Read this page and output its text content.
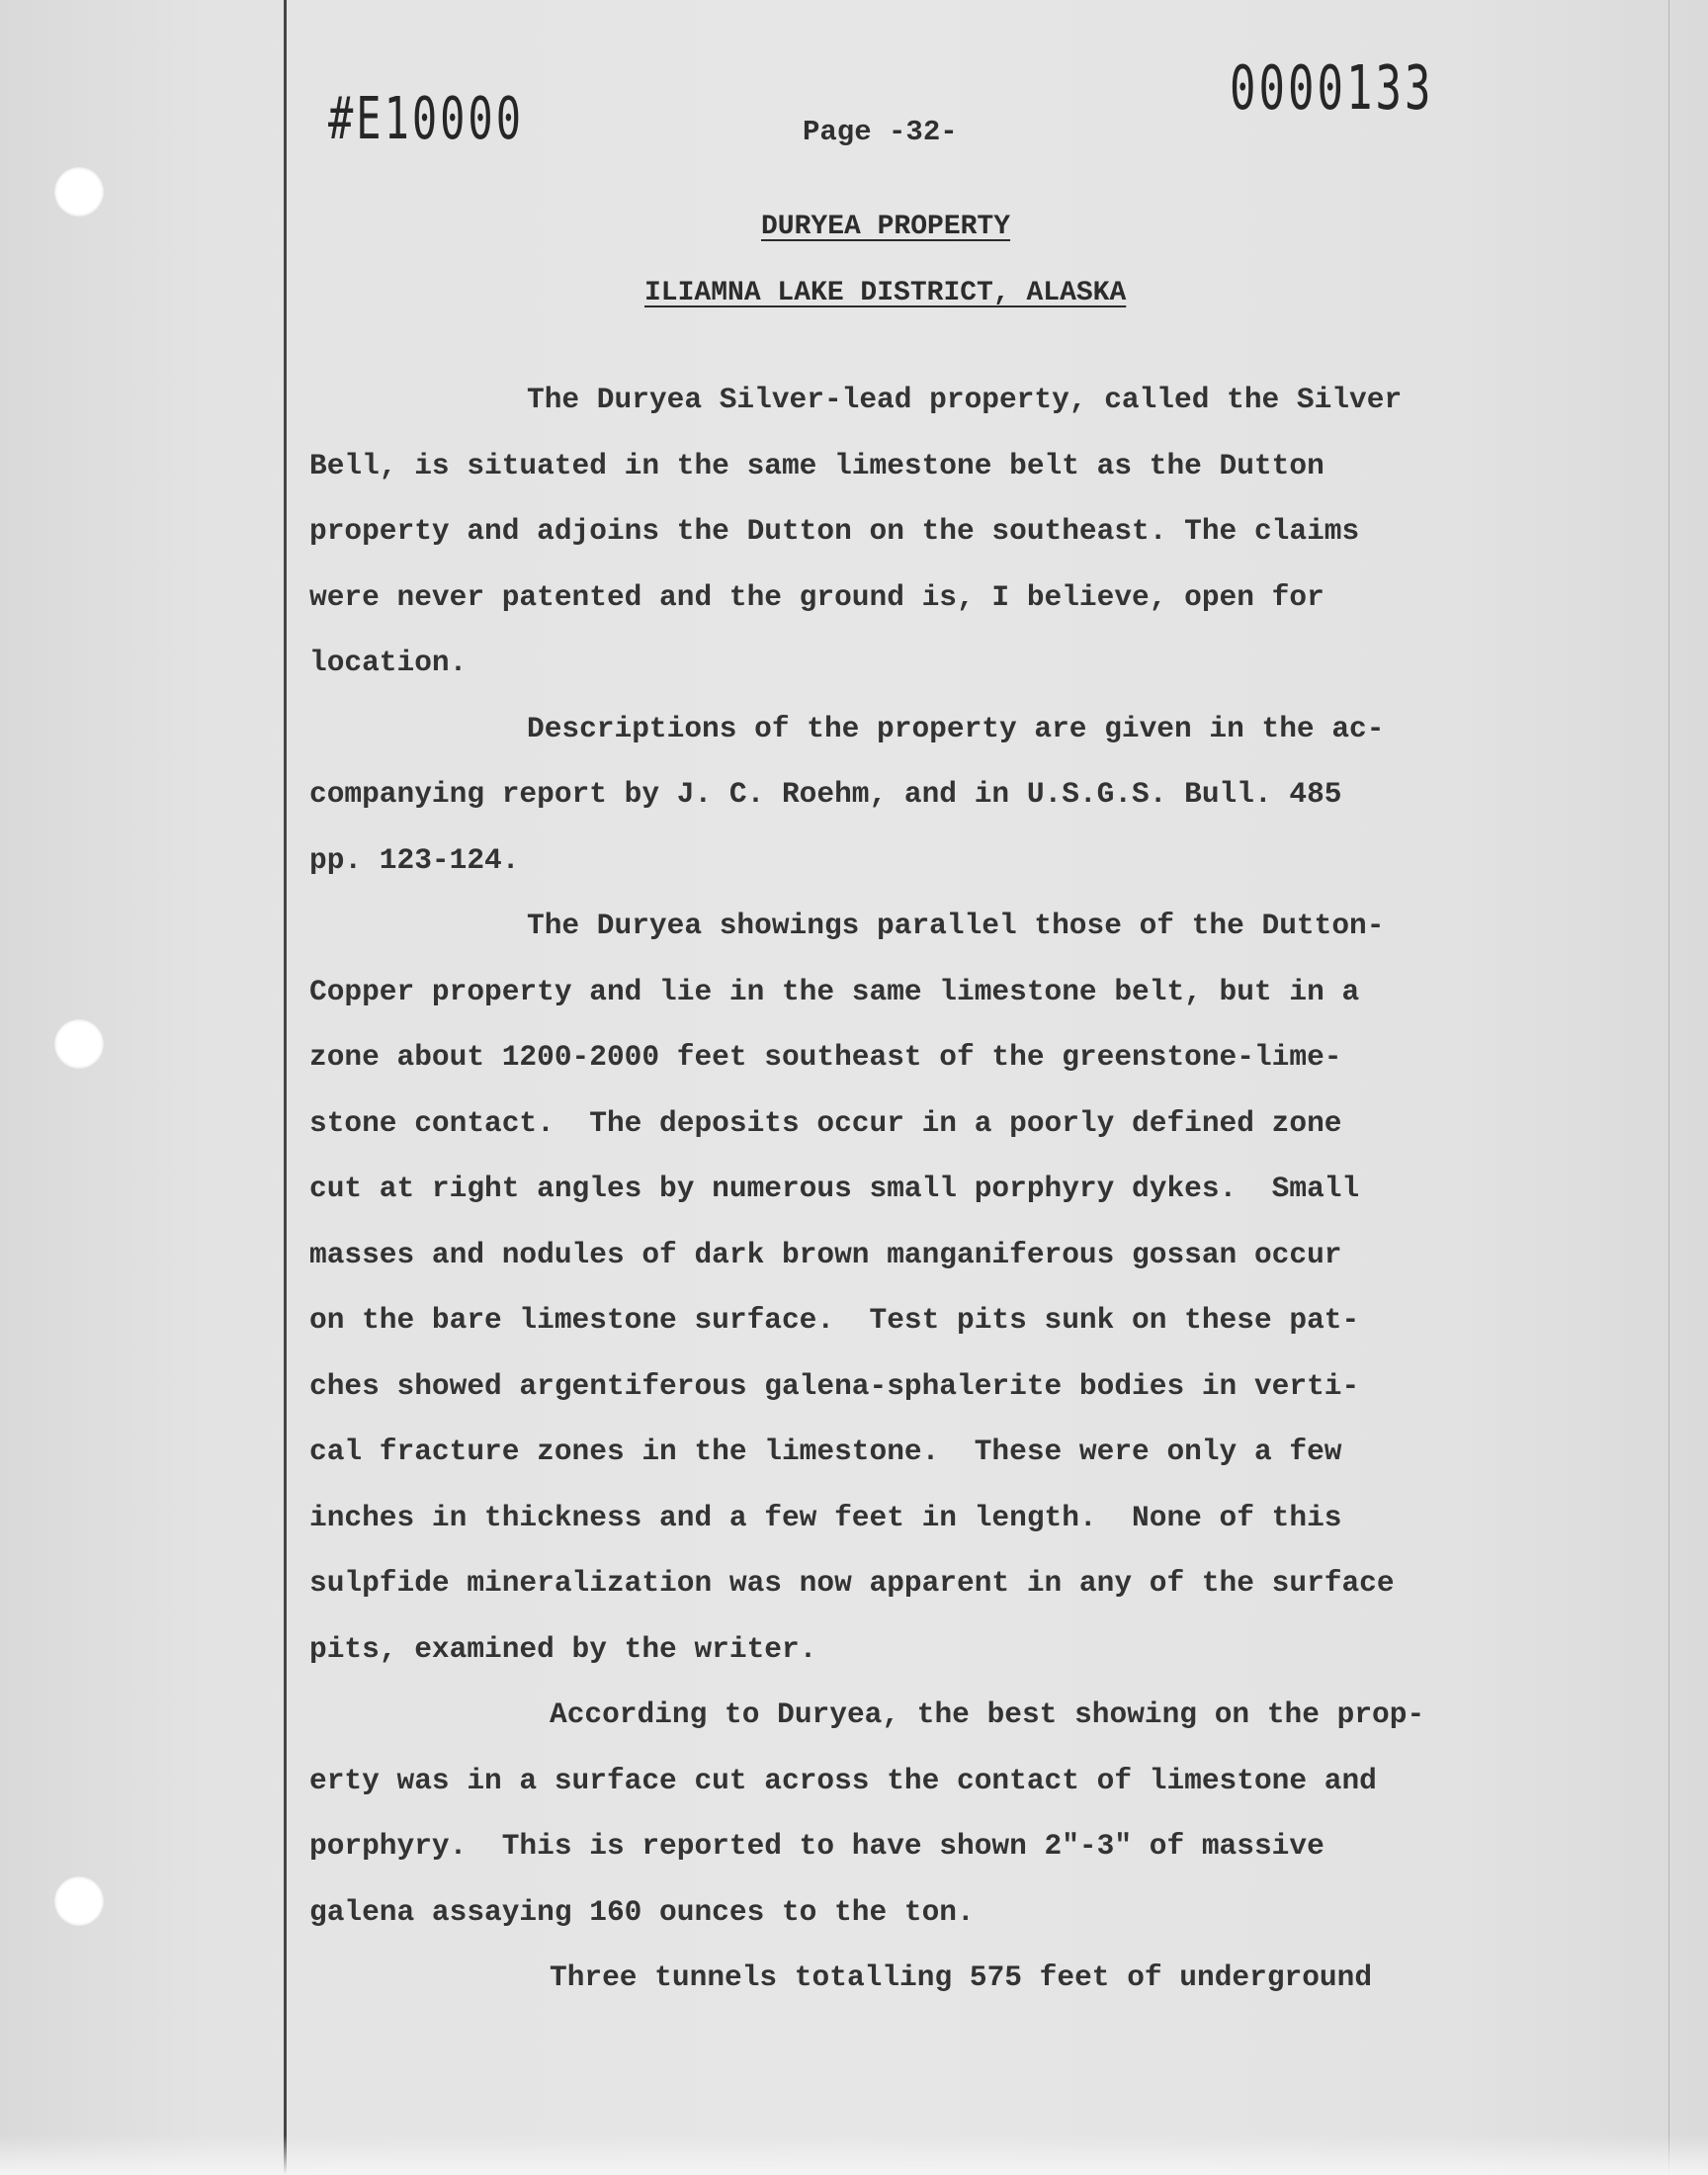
#E10000	0000133
Page -32-
DURYEA PROPERTY
ILIAMNA LAKE DISTRICT, ALASKA
The Duryea Silver-lead property, called the Silver
Bell, is situated in the same limestone belt as the Dutton
property and adjoins the Dutton on the southeast. The claims
were never patented and the ground is, I believe, open for
location.
Descriptions of the property are given in the ac-
companying report by J. C. Roehm, and in U.S.G.S. Bull. 485
pp. 123-124.
The Duryea showings parallel those of the Dutton-
Copper property and lie in the same limestone belt, but in a
zone about 1200-2000 feet southeast of the greenstone-lime-
stone contact.  The deposits occur in a poorly defined zone
cut at right angles by numerous small porphyry dykes.  Small
masses and nodules of dark brown manganiferous gossan occur
on the bare limestone surface.  Test pits sunk on these pat-
ches showed argentiferous galena-sphalerite bodies in verti-
cal fracture zones in the limestone.  These were only a few
inches in thickness and a few feet in length.  None of this
sulpfide mineralization was now apparent in any of the surface
pits, examined by the writer.
According to Duryea, the best showing on the prop-
erty was in a surface cut across the contact of limestone and
porphyry.  This is reported to have shown 2"-3" of massive
galena assaying 160 ounces to the ton.
Three tunnels totalling 575 feet of underground
